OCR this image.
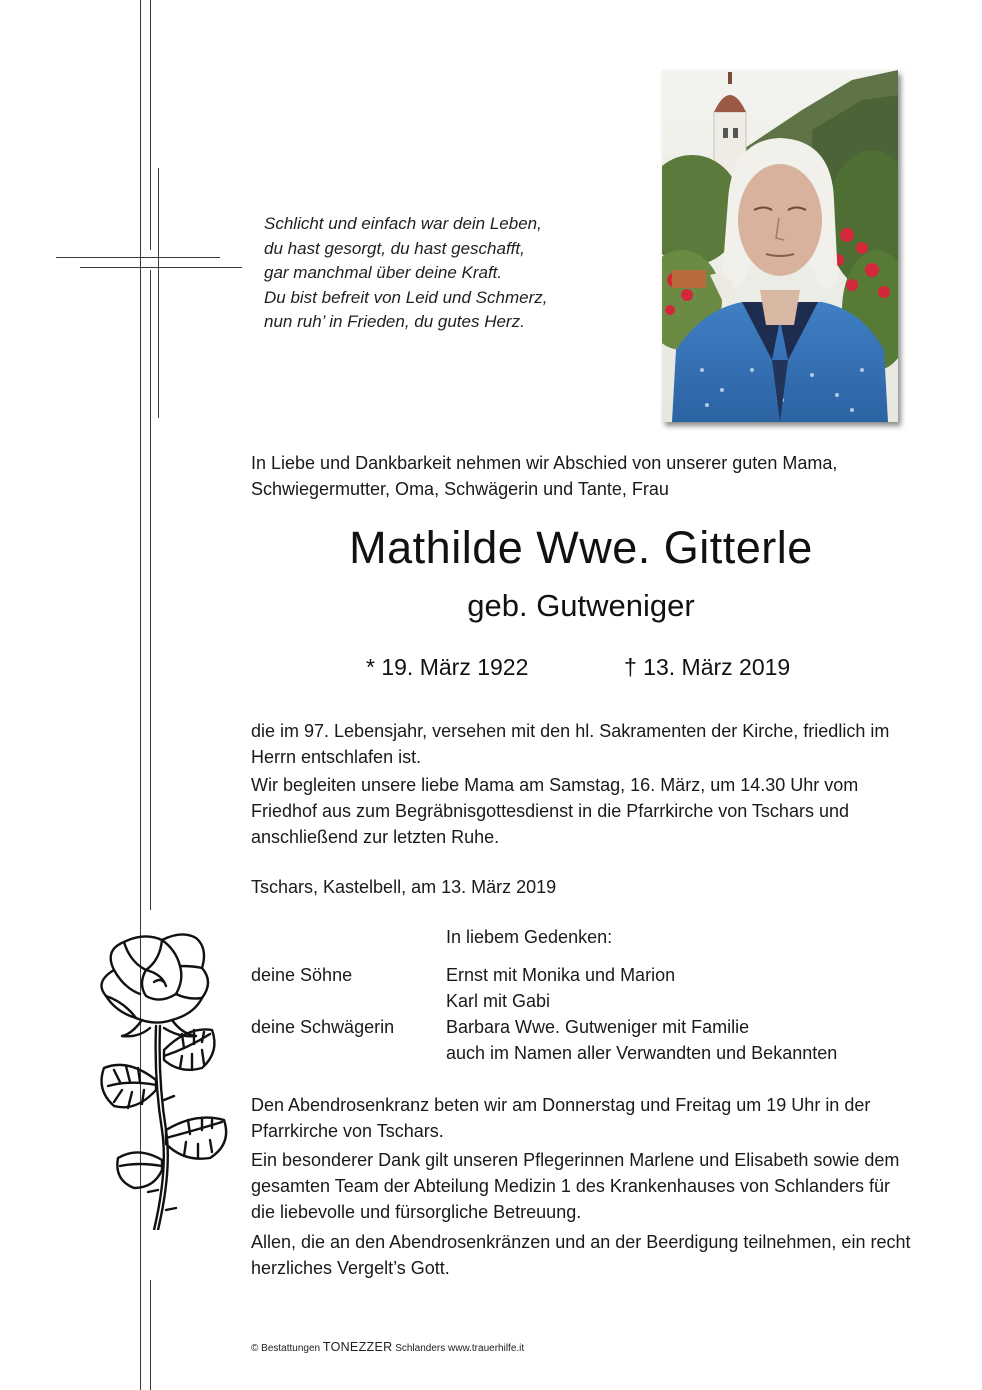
Schlicht und einfach war dein Leben,
du hast gesorgt, du hast geschafft,
gar manchmal über deine Kraft.
Du bist befreit von Leid und Schmerz,
nun ruh’ in Frieden, du gutes Herz.
In Liebe und Dankbarkeit nehmen wir Abschied von unserer guten Mama,
Schwiegermutter, Oma, Schwägerin und Tante, Frau
Mathilde Wwe. Gitterle
geb. Gutweniger
* 19. März 1922	† 13. März 2019
die im 97. Lebensjahr, versehen mit den hl. Sakramenten der Kirche, friedlich im Herrn entschlafen ist.
Wir begleiten unsere liebe Mama am Samstag, 16. März, um 14.30 Uhr vom Friedhof aus zum Begräbnisgottesdienst in die Pfarrkirche von Tschars und anschließend zur letzten Ruhe.
Tschars, Kastelbell, am 13. März 2019
In liebem Gedenken:
deine Söhne	Ernst mit Monika und Marion
Karl mit Gabi
deine Schwägerin	Barbara Wwe. Gutweniger mit Familie
auch im Namen aller Verwandten und Bekannten
Den Abendrosenkranz beten wir am Donnerstag und Freitag um 19 Uhr in der Pfarrkirche von Tschars.
Ein besonderer Dank gilt unseren Pflegerinnen Marlene und Elisabeth sowie dem gesamten Team der Abteilung Medizin 1 des Krankenhauses von Schlanders für die liebevolle und fürsorgliche Betreuung.
Allen, die an den Abendrosenkränzen und an der Beerdigung teilnehmen, ein recht herzliches Vergelt’s Gott.
© Bestattungen TONEZZER Schlanders www.trauerhilfe.it
